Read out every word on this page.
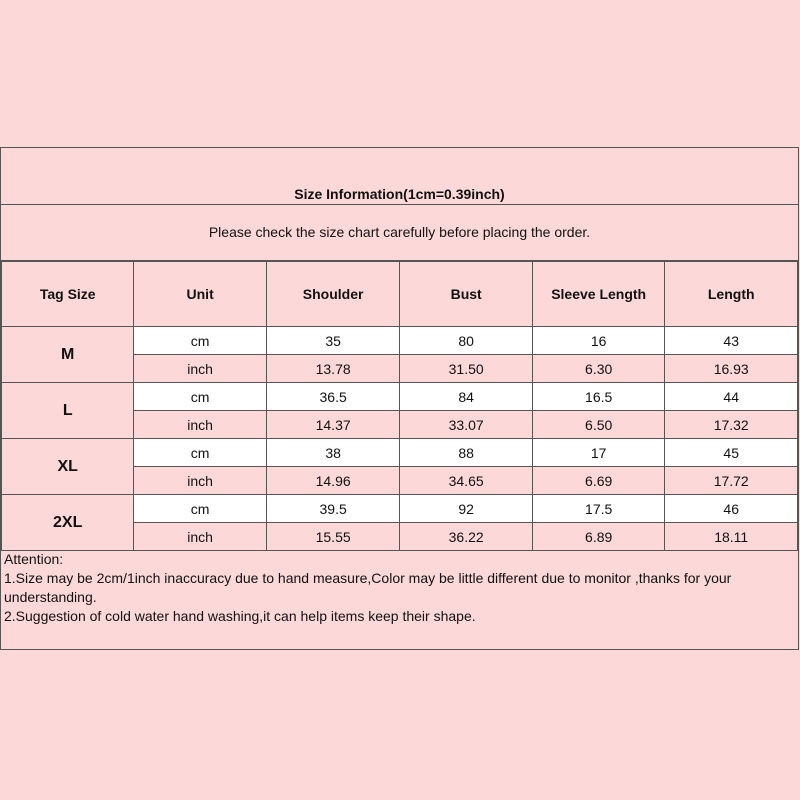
Size Information(1cm=0.39inch)
Please check the size chart carefully before placing the order.
Tag Size	Unit	Shoulder	Bust	Sleeve Length	Length
M	cm	35	80	16	43
	inch	13.78	31.50	6.30	16.93
L	cm	36.5	84	16.5	44
	inch	14.37	33.07	6.50	17.32
XL	cm	38	88	17	45
	inch	14.96	34.65	6.69	17.72
2XL	cm	39.5	92	17.5	46
	inch	15.55	36.22	6.89	18.11
Attention:
1.Size may be 2cm/1inch inaccuracy due to hand measure,Color may be little different due to monitor ,thanks for your understanding.
2.Suggestion of cold water hand washing,it can help items keep their shape.
